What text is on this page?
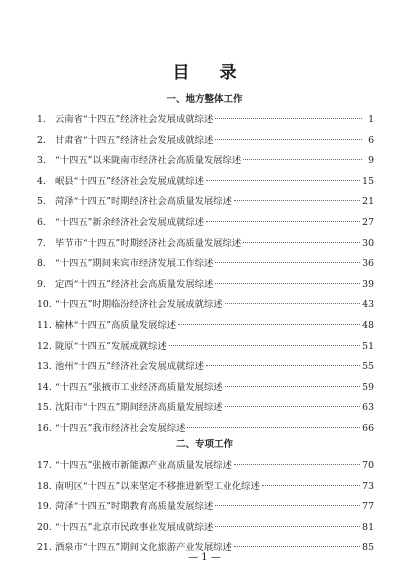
目 录
一、地方整体工作
1. 云南省“十四五”经济社会发展成就综述	1
2. 甘肃省“十四五”经济社会发展成就综述	6
3. “十四五”以来陇南市经济社会高质量发展综述	9
4. 岷县“十四五”经济社会发展成就综述	15
5. 菏泽“十四五”时期经济社会高质量发展综述	21
6. “十四五”新余经济社会发展成就综述	27
7. 毕节市“十四五”时期经济社会高质量发展综述	30
8. “十四五”期间来宾市经济发展工作综述	36
9. 定西“十四五”经济社会高质量发展综述	39
10. “十四五”时期临汾经济社会发展成就综述	43
11. 榆林“十四五”高质量发展综述	48
12. 陇原“十四五”发展成就综述	51
13. 池州“十四五”经济社会发展成就综述	55
14. “十四五”张掖市工业经济高质量发展综述	59
15. 沈阳市“十四五”期间经济高质量发展综述	63
16. “十四五”我市经济社会发展综述	66
二、专项工作
17. “十四五”张掖市新能源产业高质量发展综述	70
18. 南明区“十四五”以来坚定不移推进新型工业化综述	73
19. 菏泽“十四五”时期教育高质量发展综述	77
20. “十四五”北京市民政事业发展成就综述	81
21. 酒泉市“十四五”期间文化旅游产业发展综述	85
— 1 —
